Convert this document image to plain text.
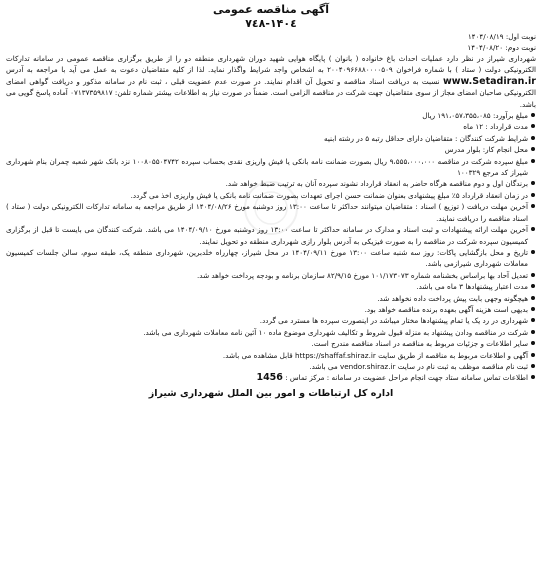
آگهی مناقصه عمومی
۱۴۰٤-٧٤٨
نوبت اول: ۱۴۰۴/۰۸/۱۹
نوبت دوم: ۱۴۰۴/۰۸/۲۰
شهرداری شیراز در نظر دارد عملیات احداث باغ خانواده ( بانوان ) پایگاه هوایی شهید دوران شهرداری منطقه دو را از طریق برگزاری مناقصه عمومی در سامانه تدارکات الکترونیکی دولت ( ستاد ) با شماره فراخوان ۲۰۰۴۰۹۶۶۸۸۰۰۰۰۵۰۹ به اشخاص واجد شرایط واگذار نماید. لذا از کلیه متقاضیان دعوت به عمل می آید با مراجعه به آدرس www.Setadiran.ir نسبت به دریافت اسناد مناقصه و تحویل آن اقدام نمایند. در صورت عدم عضویت قبلی ، ثبت نام در سامانه مذکور و دریافت گواهی امضای الکترونیکی صاحبان امضای مجاز از سوی متقاضیان جهت شرکت در مناقصه الزامی است. ضمناً در صورت نیاز به اطلاعات بیشتر شماره تلفن: ۰۷۱۳۷۳۵۹۸۱۷ آماده پاسخ گویی می باشد.
مبلغ برآورد: ۱۹۱،۰۵۷،۳۵۵،۰۸۵ ریال
مدت قرارداد : ۱۲ ماه
شرایط شرکت کنندگان : متقاضیان دارای حداقل رتبه ۵ در رشته ابنیه
محل انجام کار: بلوار مدرس
مبلغ سپرده شرکت در مناقصه ۹،۵۵۵،۰۰۰،۰۰۰ ریال بصورت ضمانت نامه بانکی یا فیش واریزی نقدی بحساب سپرده ۱۰۰۸۰۵۵۰۴۷۴۲ نزد بانک شهر شعبه چمران بنام شهرداری شیراز کد مرجع ۱۰۰۳۲۹
برندگان اول و دوم مناقصه هرگاه حاضر به انعقاد قرارداد نشوند سپرده آنان به ترتیب ضبط خواهد شد.
در زمان انعقاد قرارداد ۵٪ مبلغ پیشنهادی بعنوان ضمانت حسن اجرای تعهدات بصورت ضمانت نامه بانکی یا فیش واریزی اخذ می گردد.
آخرین مهلت دریافت ( توزیع ) اسناد : متقاضیان میتوانند حداکثر تا ساعت ۱۳:۰۰ روز دوشنبه مورخ ۱۴۰۴/۰۸/۲۶ از طریق مراجعه به سامانه تدارکات الکترونیکی دولت ( ستاد ) اسناد مناقصه را دریافت نمایند.
آخرین مهلت ارائه پیشنهادات و ثبت اسناد و مدارک در سامانه حداکثر تا ساعت ۱۳:۰۰ روز دوشنبه مورخ ۱۴۰۴/۰۹/۱۰ می باشد. شرکت کنندگان می بایست تا قبل از برگزاری کمیسیون سپرده شرکت در مناقصه را به صورت فیزیکی به آدرس بلوار رازی شهرداری منطقه دو تحویل نمایند.
تاریخ و محل بازگشایی پاکات: روز سه شنبه ساعت ۱۳:۰۰ مورخ ۱۴۰۴/۰۹/۱۱ در محل شیراز، چهارراه خلدبرین، شهرداری منطقه یک، طبقه سوم، سالن جلسات کمیسیون معاملات شهرداری شیرازمی باشد.
تعدیل آحاد بها براساس بخشنامه شماره ۱۰۱/۱۷۳۰۷۳ مورخ ۸۲/۹/۱۵ سازمان برنامه و بودجه پرداخت خواهد شد.
مدت اعتبار پیشنهادها ۳ ماه می باشد.
هیچگونه وجهی بابت پیش پرداخت داده نخواهد شد.
بدیهی است هزینه آگهی بعهده برنده مناقصه خواهد بود.
شهرداری در رد یک یا تمام پیشنهادها مختار میباشد در اینصورت سپرده ها مسترد می گردد.
شرکت در مناقصه ودادن پیشنهاد به منزله قبول شروط و تکالیف شهرداری موضوع ماده ۱۰ آئین نامه معاملات شهرداری می باشد.
سایر اطلاعات و جزئیات مربوط به مناقصه در اسناد مناقصه مندرج است.
آگهی و اطلاعات مربوط به مناقصه از طریق سایت https://shaffaf.shiraz.ir قابل مشاهده می باشد.
ثبت نام مناقصه موظف به ثبت نام در سایت vendor.shiraz.ir می باشد.
اطلاعات تماس سامانه ستاد جهت انجام مراحل عضویت در سامانه : مرکز تماس : 1456
اداره کل ارتباطات و امور بین الملل شهرداری شیراز
